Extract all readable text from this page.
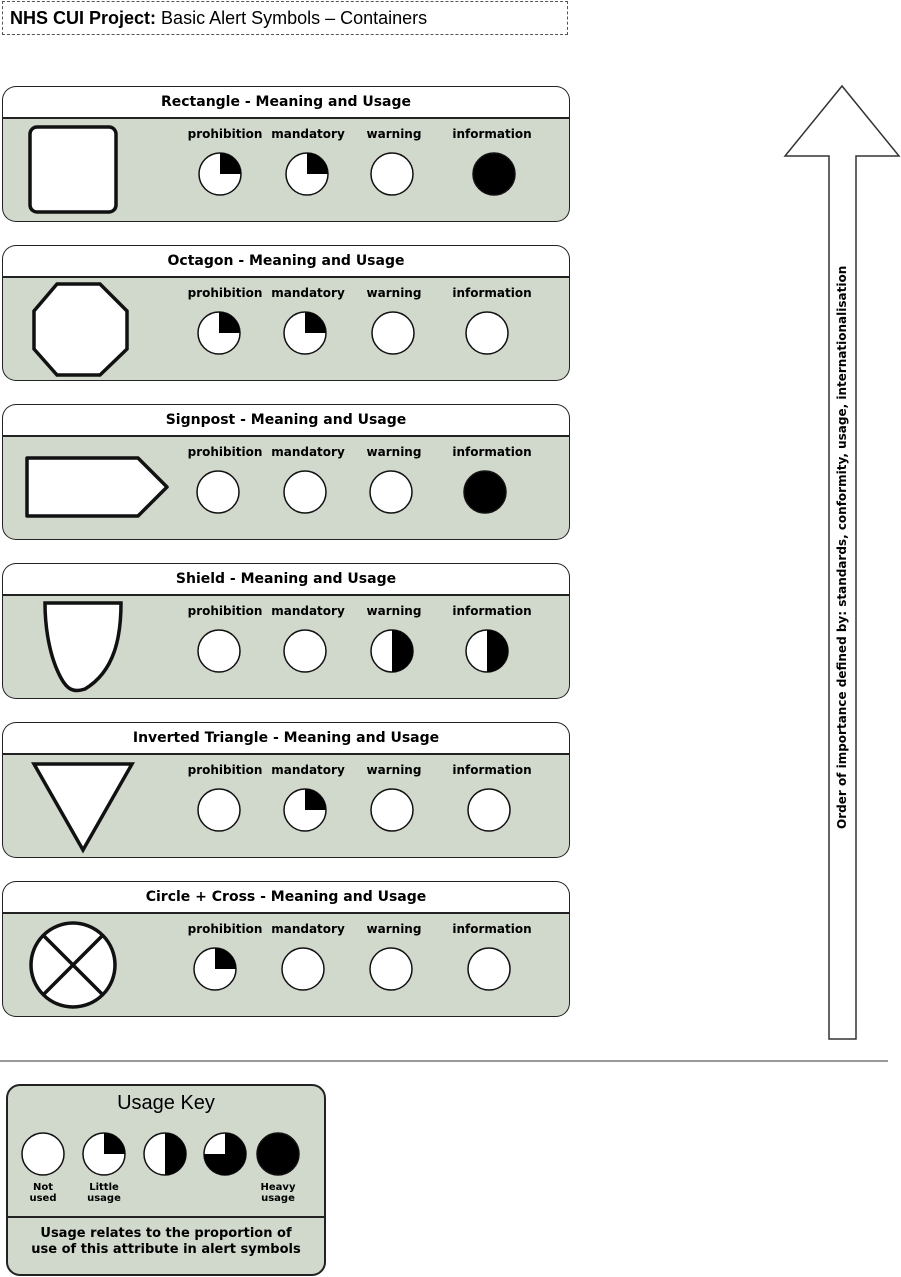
NHS CUI Project: Basic Alert Symbols – Containers
Rectangle - Meaning and Usage
prohibition mandatory	warning	information
Octagon - Meaning and Usage
prohibition mandatory	warning	information
Signpost - Meaning and Usage
prohibition mandatory	warning	information
Shield - Meaning and Usage
prohibition mandatory	warning	information
Inverted Triangle - Meaning and Usage
prohibition mandatory	warning	information
Circle + Cross - Meaning and Usage
prohibition mandatory	warning	information
Order of importance defined by: standards, conformity, usage, internationalisation
Usage Key
Not
used
Little
usage
Heavy
usage
Usage relates to the proportion of
use of this attribute in alert symbols
